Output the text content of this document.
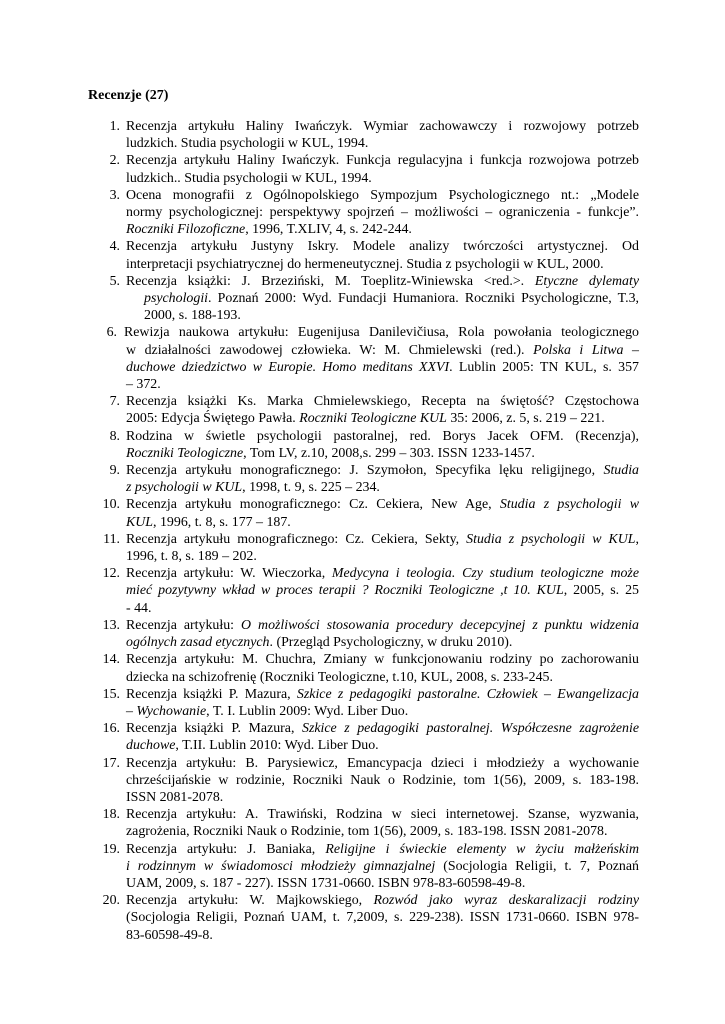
Recenzje (27)

1. Recenzja artykułu Haliny Iwańczyk. Wymiar zachowawczy i rozwojowy potrzeb
ludzkich. Studia psychologii w KUL, 1994.
2. Recenzja artykułu Haliny Iwańczyk. Funkcja regulacyjna i funkcja rozwojowa potrzeb
ludzkich.. Studia psychologii w KUL, 1994.
3. Ocena monografii z Ogólnopolskiego Sympozjum Psychologicznego nt.: „Modele
normy psychologicznej: perspektywy spojrzeń – możliwości – ograniczenia - funkcje”.
Roczniki Filozoficzne, 1996, T.XLIV, 4, s. 242-244.
4. Recenzja artykułu Justyny Iskry. Modele analizy twórczości artystycznej. Od
interpretacji psychiatrycznej do hermeneutycznej. Studia z psychologii w KUL, 2000.
5. Recenzja książki: J. Brzeziński, M. Toeplitz-Winiewska <red.>. Etyczne dylematy
psychologii. Poznań 2000: Wyd. Fundacji Humaniora. Roczniki Psychologiczne, T.3,
2000, s. 188-193.
6. Rewizja naukowa artykułu: Eugenijusa Danilevičiusa, Rola powołania teologicznego
w działalności zawodowej człowieka. W: M. Chmielewski (red.). Polska i Litwa –
duchowe dziedzictwo w Europie. Homo meditans XXVI. Lublin 2005: TN KUL, s. 357
– 372.
7. Recenzja książki Ks. Marka Chmielewskiego, Recepta na świętość? Częstochowa
2005: Edycja Świętego Pawła. Roczniki Teologiczne KUL 35: 2006, z. 5, s. 219 – 221.
8. Rodzina w świetle psychologii pastoralnej, red. Borys Jacek OFM. (Recenzja),
Roczniki Teologiczne, Tom LV, z.10, 2008,s. 299 – 303. ISSN 1233-1457.
9. Recenzja artykułu monograficznego: J. Szymołon, Specyfika lęku religijnego, Studia
z psychologii w KUL, 1998, t. 9, s. 225 – 234.
10. Recenzja artykułu monograficznego: Cz. Cekiera, New Age, Studia z psychologii w
KUL, 1996, t. 8, s. 177 – 187.
11. Recenzja artykułu monograficznego: Cz. Cekiera, Sekty, Studia z psychologii w KUL,
1996, t. 8, s. 189 – 202.
12. Recenzja artykułu: W. Wieczorka, Medycyna i teologia. Czy studium teologiczne może
mieć pozytywny wkład w proces terapii ? Roczniki Teologiczne ,t 10. KUL, 2005, s. 25
- 44.
13. Recenzja artykułu: O możliwości stosowania procedury decepcyjnej z punktu widzenia
ogólnych zasad etycznych. (Przegląd Psychologiczny, w druku 2010).
14. Recenzja artykułu: M. Chuchra, Zmiany w funkcjonowaniu rodziny po zachorowaniu
dziecka na schizofrenię (Roczniki Teologiczne, t.10, KUL, 2008, s. 233-245.
15. Recenzja książki P. Mazura, Szkice z pedagogiki pastoralne. Człowiek – Ewangelizacja
– Wychowanie, T. I. Lublin 2009: Wyd. Liber Duo.
16. Recenzja książki P. Mazura, Szkice z pedagogiki pastoralnej. Współczesne zagrożenie
duchowe, T.II. Lublin 2010: Wyd. Liber Duo.
17. Recenzja artykułu: B. Parysiewicz, Emancypacja dzieci i młodzieży a wychowanie
chrześcijańskie w rodzinie, Roczniki Nauk o Rodzinie, tom 1(56), 2009, s. 183-198.
ISSN 2081-2078.
18. Recenzja artykułu: A. Trawiński, Rodzina w sieci internetowej. Szanse, wyzwania,
zagrożenia, Roczniki Nauk o Rodzinie, tom 1(56), 2009, s. 183-198. ISSN 2081-2078.
19. Recenzja artykułu: J. Baniaka, Religijne i świeckie elementy w życiu małżeńskim
i rodzinnym w świadomosci młodzieży gimnazjalnej (Socjologia Religii, t. 7, Poznań
UAM, 2009, s. 187 - 227). ISSN 1731-0660. ISBN 978-83-60598-49-8.
20. Recenzja artykułu: W. Majkowskiego, Rozwód jako wyraz deskaralizacji rodziny
(Socjologia Religii, Poznań UAM, t. 7,2009, s. 229-238). ISSN 1731-0660. ISBN 978-
83-60598-49-8.
